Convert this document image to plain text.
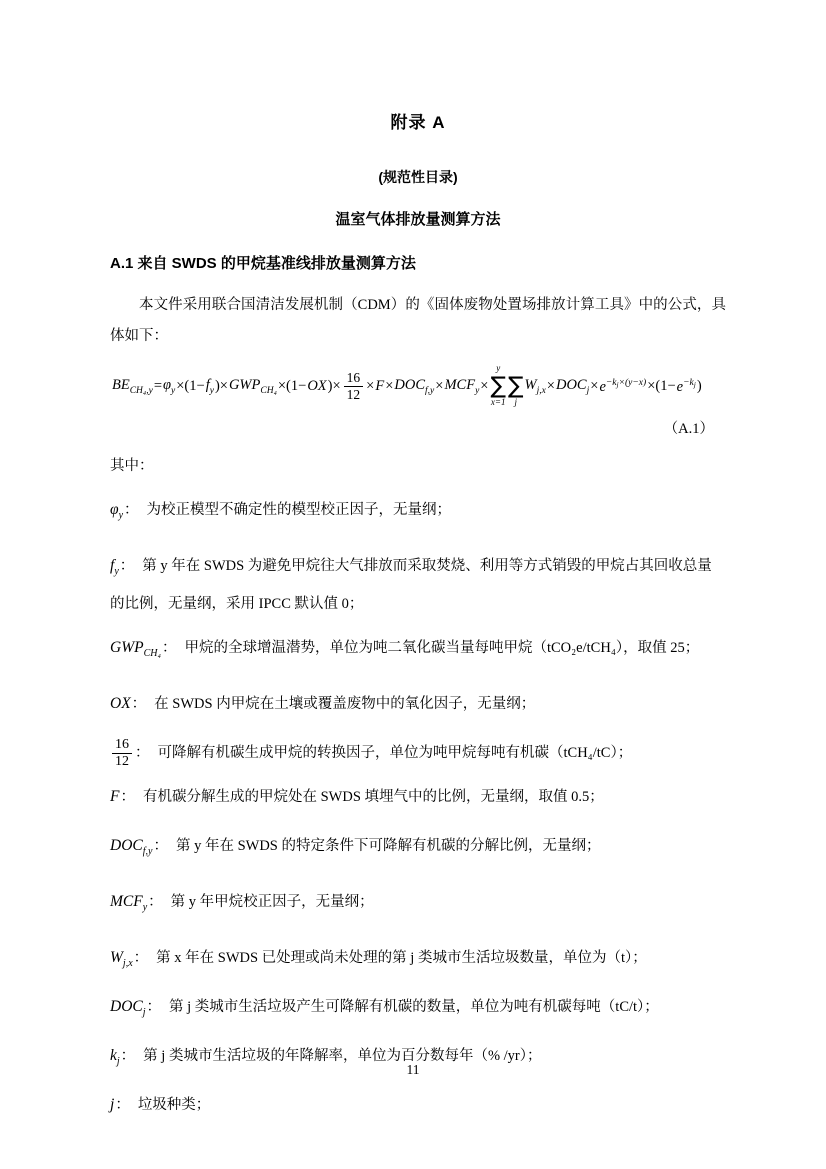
附录 A
(规范性目录)
温室气体排放量测算方法
A.1 来自 SWDS 的甲烷基准线排放量测算方法

本文件采用联合国清洁发展机制（CDM）的《固体废物处置场排放计算工具》中的公式，具体如下：

$BE_{CH_4,y} = \varphi_y \times(1- f_y$ )× $GWP_{CH_4} \times(1-$ OX )× $\frac{16}{12} \times F \times DOC_{f,y} \times MCF_y$ ×
y
∑
x=1
∑
j
$W_{j,x} \times DOC_j \times e^{-k_j\times(y-x)} \times(1- e^{-k_j}$ )
（A.1）

其中：

$\varphi_y$： 为校正模型不确定性的模型校正因子，无量纲；

$f_y$： 第 y 年在 SWDS 为避免甲烷往大气排放而采取焚烧、利用等方式销毁的甲烷占其回收总量的比例，无量纲，采用 IPCC 默认值 0；

$GWP_{CH_4}$： 甲烷的全球增温潜势，单位为吨二氧化碳当量每吨甲烷（tCO₂e/tCH₄），取值 25；

OX： 在 SWDS 内甲烷在土壤或覆盖废物中的氧化因子，无量纲；

$\frac{16}{12}$ ： 可降解有机碳生成甲烷的转换因子，单位为吨甲烷每吨有机碳（tCH₄/tC）；

F： 有机碳分解生成的甲烷处在 SWDS 填埋气中的比例，无量纲，取值 0.5；

$DOC_{f,y}$： 第 y 年在 SWDS 的特定条件下可降解有机碳的分解比例，无量纲；

$MCF_y$： 第 y 年甲烷校正因子，无量纲；

$W_{j,x}$： 第 x 年在 SWDS 已处理或尚未处理的第 j 类城市生活垃圾数量，单位为（t）；

$DOC_j$： 第 j 类城市生活垃圾产生可降解有机碳的数量，单位为吨有机碳每吨（tC/t）；

$k_j$： 第 j 类城市生活垃圾的年降解率，单位为百分数每年（% /yr）；

j： 垃圾种类；

11
